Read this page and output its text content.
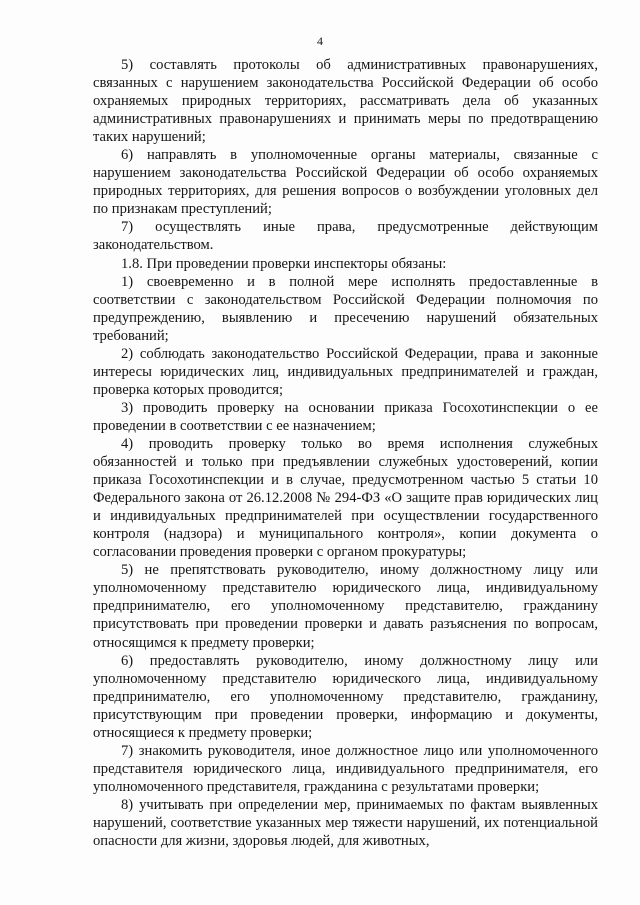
4

5) составлять протоколы об административных правонарушениях, связанных с нарушением законодательства Российской Федерации об особо охраняемых природных территориях, рассматривать дела об указанных административных правонарушениях и принимать меры по предотвращению таких нарушений;

6) направлять в уполномоченные органы материалы, связанные с нарушением законодательства Российской Федерации об особо охраняемых природных территориях, для решения вопросов о возбуждении уголовных дел по признакам преступлений;

7) осуществлять иные права, предусмотренные действующим законодательством.

1.8. При проведении проверки инспекторы обязаны:

1) своевременно и в полной мере исполнять предоставленные в соответствии с законодательством Российской Федерации полномочия по предупреждению, выявлению и пресечению нарушений обязательных требований;

2) соблюдать законодательство Российской Федерации, права и законные интересы юридических лиц, индивидуальных предпринимателей и граждан, проверка которых проводится;

3) проводить проверку на основании приказа Госохотинспекции о ее проведении в соответствии с ее назначением;

4) проводить проверку только во время исполнения служебных обязанностей и только при предъявлении служебных удостоверений, копии приказа Госохотинспекции и в случае, предусмотренном частью 5 статьи 10 Федерального закона от 26.12.2008 № 294-ФЗ «О защите прав юридических лиц и индивидуальных предпринимателей при осуществлении государственного контроля (надзора) и муниципального контроля», копии документа о согласовании проведения проверки с органом прокуратуры;

5) не препятствовать руководителю, иному должностному лицу или уполномоченному представителю юридического лица, индивидуальному предпринимателю, его уполномоченному представителю, гражданину присутствовать при проведении проверки и давать разъяснения по вопросам, относящимся к предмету проверки;

6) предоставлять руководителю, иному должностному лицу или уполномоченному представителю юридического лица, индивидуальному предпринимателю, его уполномоченному представителю, гражданину, присутствующим при проведении проверки, информацию и документы, относящиеся к предмету проверки;

7) знакомить руководителя, иное должностное лицо или уполномоченного представителя юридического лица, индивидуального предпринимателя, его уполномоченного представителя, гражданина с результатами проверки;

8) учитывать при определении мер, принимаемых по фактам выявленных нарушений, соответствие указанных мер тяжести нарушений, их потенциальной опасности для жизни, здоровья людей, для животных,
